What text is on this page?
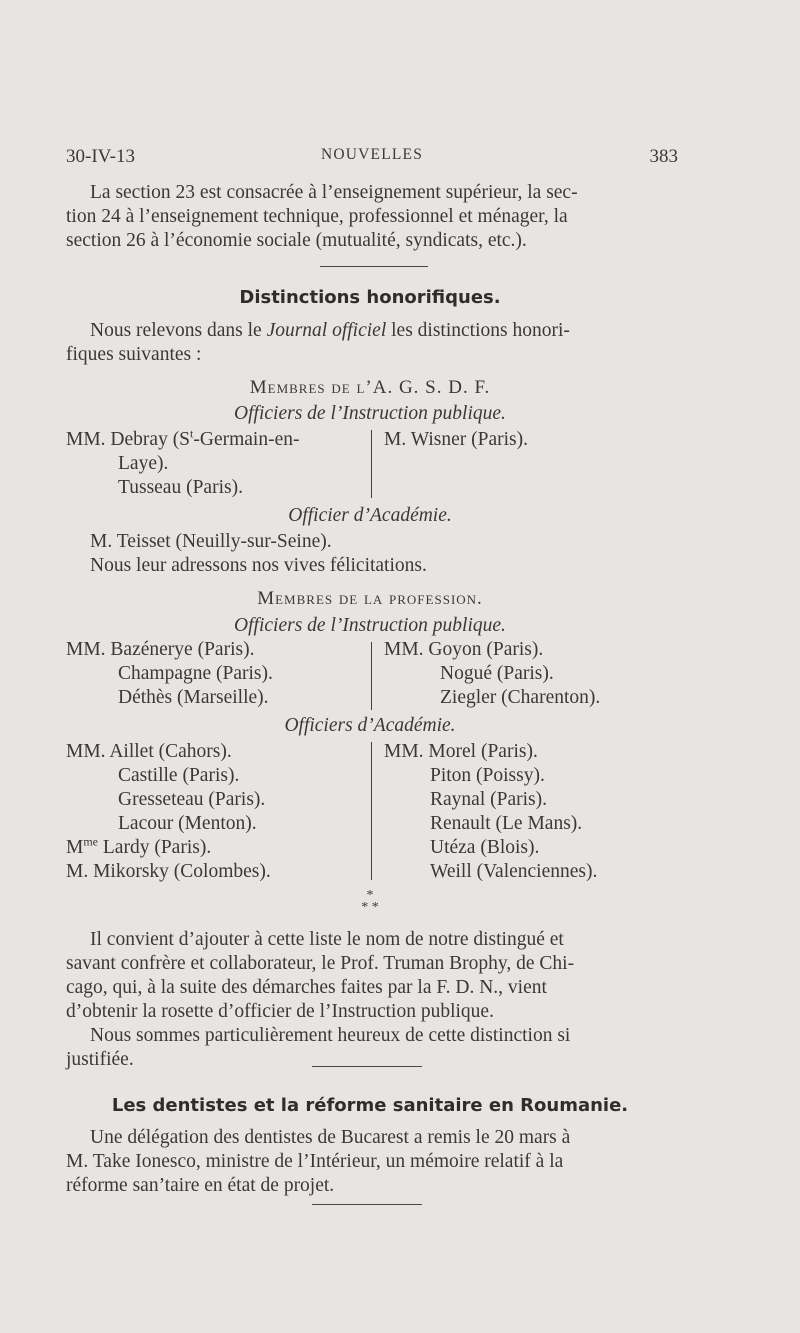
30-IV-13	NOUVELLES	383
La section 23 est consacrée à l’enseignement supérieur, la sec-
tion 24 à l’enseignement technique, professionnel et ménager, la
section 26 à l’économie sociale (mutualité, syndicats, etc.).
Distinctions honorifiques.
Nous relevons dans le Journal officiel les distinctions honori-
fiques suivantes :
Membres de l’A. G. S. D. F.
Officiers de l’Instruction publique.
MM. Debray ($S^t-Germain-en-$
Laye).
Tusseau (Paris).
M. Wisner (Paris).
Officier d’Académie.
M. Teisset (Neuilly-sur-Seine).
Nous leur adressons nos vives félicitations.
Membres de la profession.
Officiers de l’Instruction publique.
MM. Bazénerye (Paris).
Champagne (Paris).
Déthès (Marseille).
MM. Goyon (Paris).
Nogué (Paris).
Ziegler (Charenton).
Officiers d’Académie.
MM. Aillet (Cahors).
Castille (Paris).
Gresseteau (Paris).
Lacour (Menton).
$M^{me}$ Lardy (Paris).
M. Mikorsky (Colombes).
MM. Morel (Paris).
Piton (Poissy).
Raynal (Paris).
Renault (Le Mans).
Utéza (Blois).
Weill (Valenciennes).
*
* *
Il convient d’ajouter à cette liste le nom de notre distingué et
savant confrère et collaborateur, le Prof. Truman Brophy, de Chi-
cago, qui, à la suite des démarches faites par la F. D. N., vient
d’obtenir la rosette d’officier de l’Instruction publique.
Nous sommes particulièrement heureux de cette distinction si
justifiée.
Les dentistes et la réforme sanitaire en Roumanie.
Une délégation des dentistes de Bucarest a remis le 20 mars à
M. Take Ionesco, ministre de l’Intérieur, un mémoire relatif à la
réforme san’taire en état de projet.
